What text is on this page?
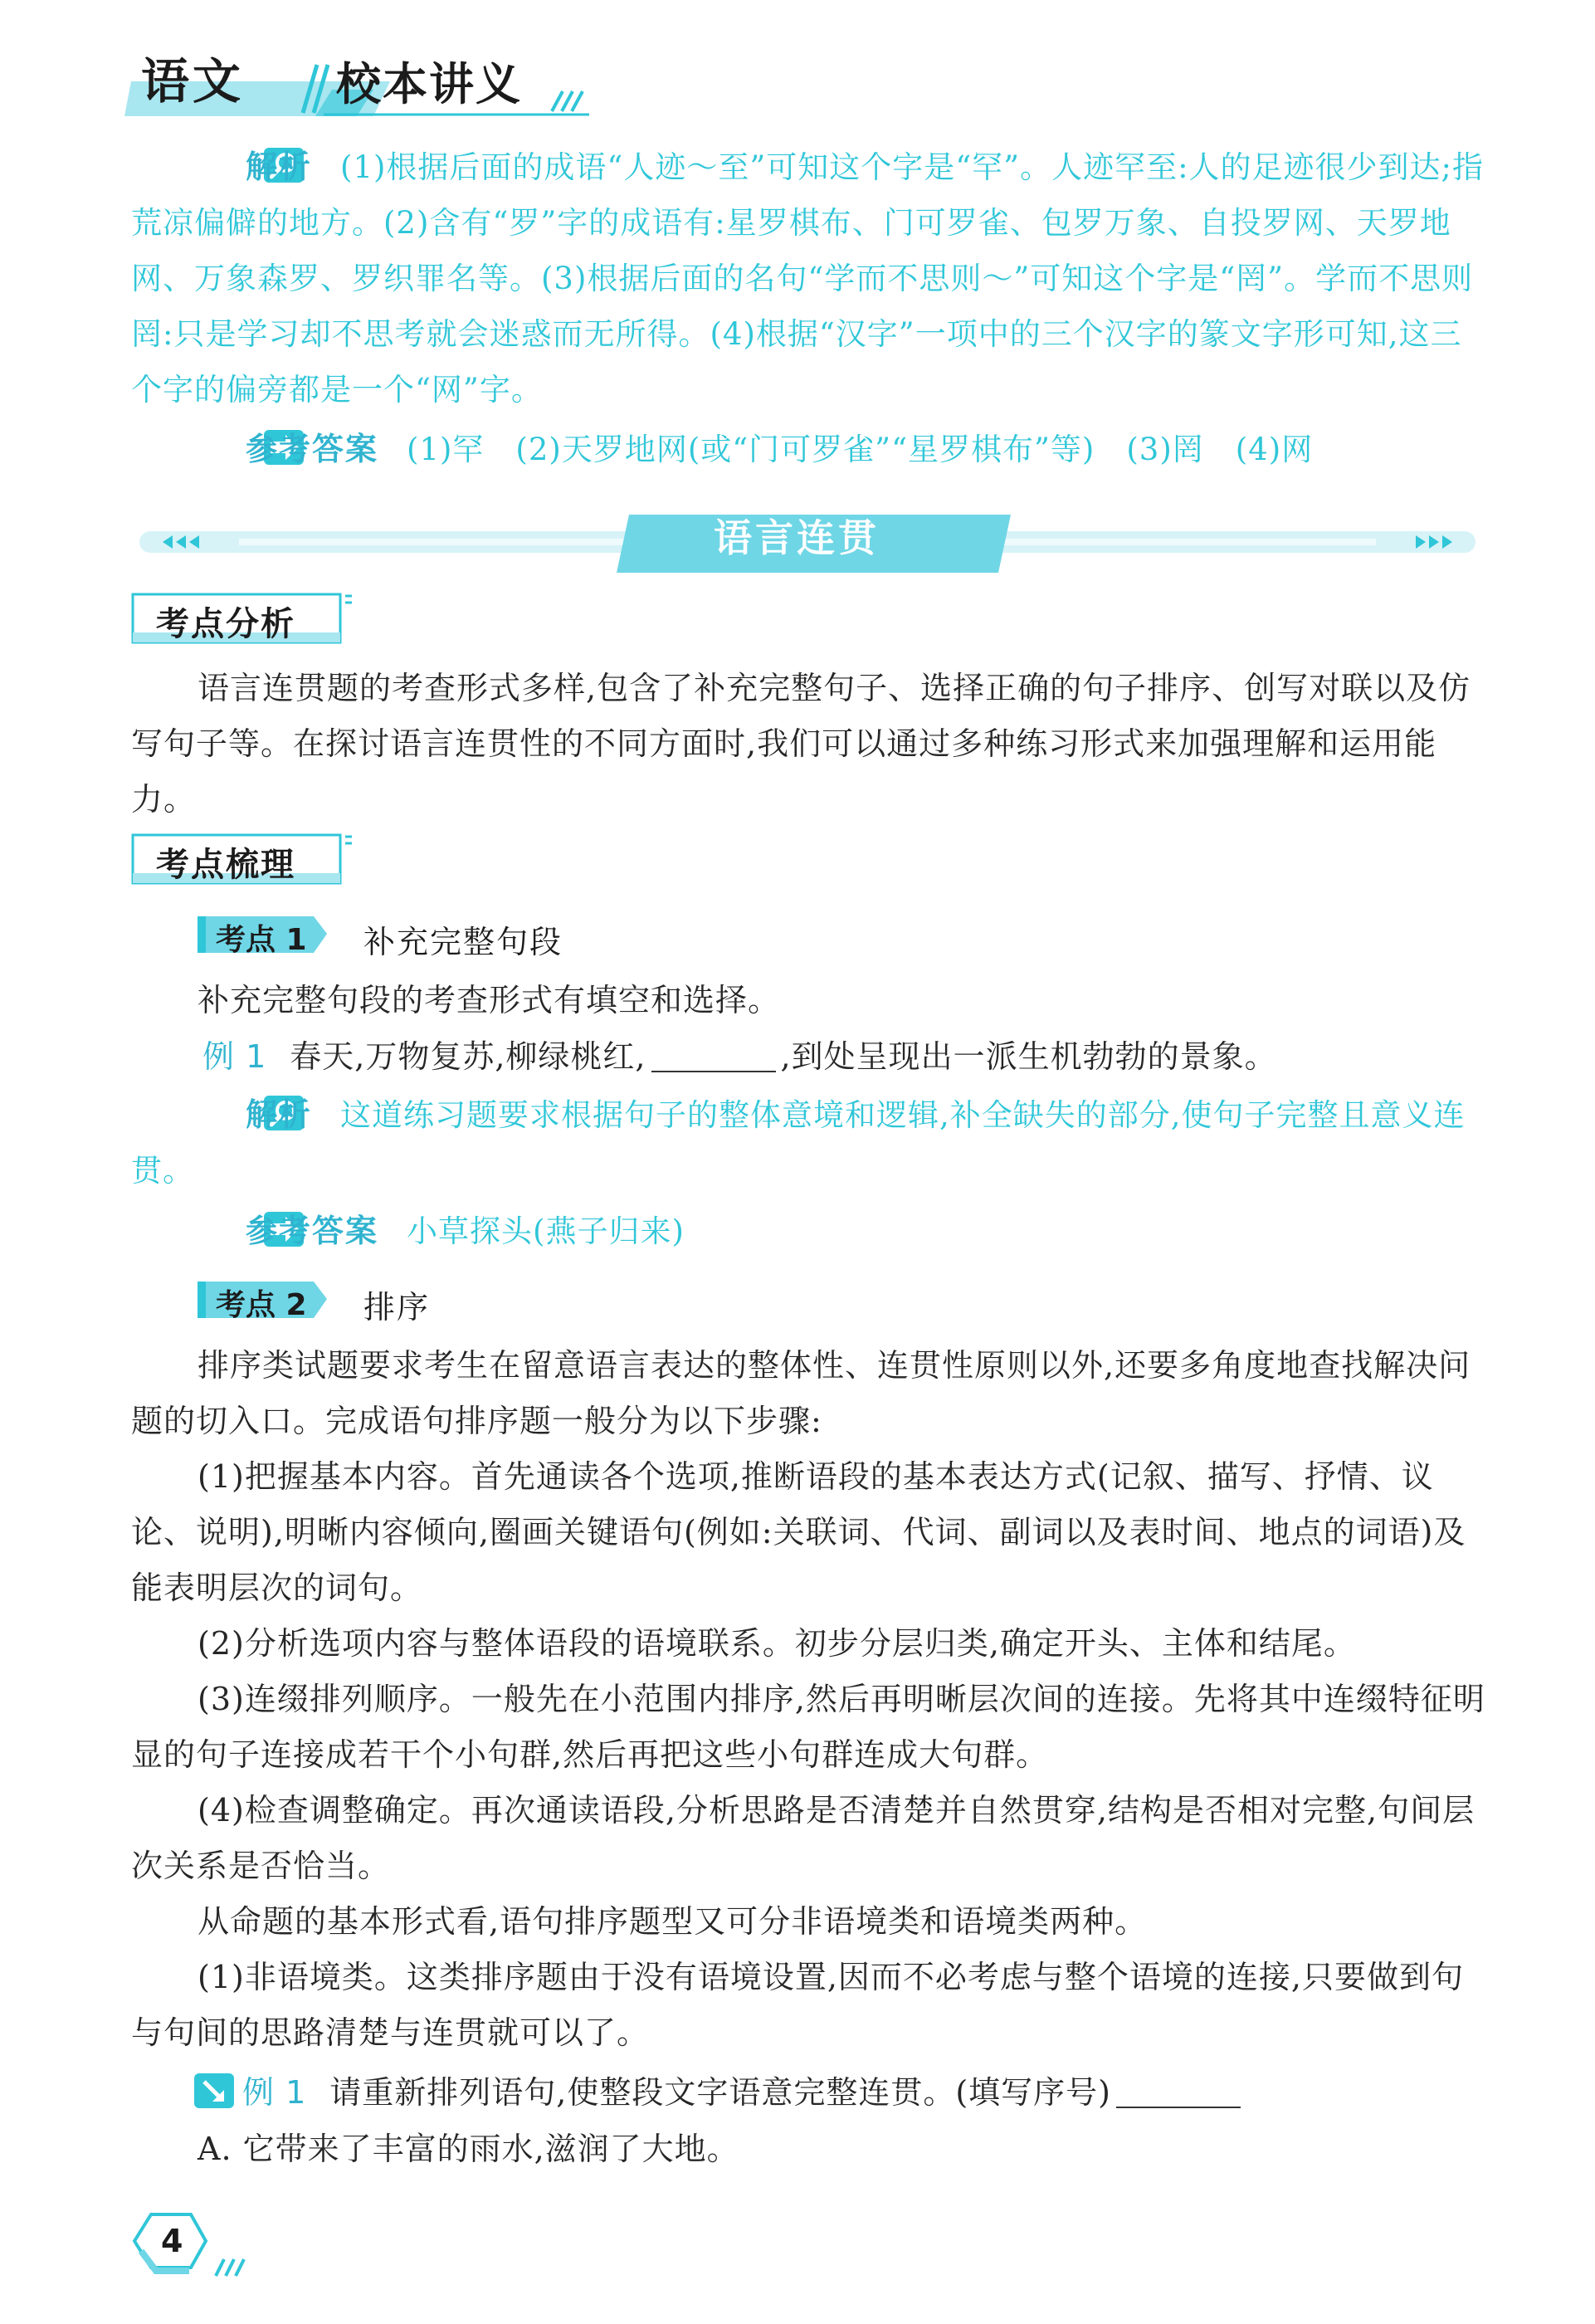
语文 校本讲义

解析 (1)根据后面的成语“人迹～至”可知这个字是“罕”。人迹罕至:人的足迹很少到达;指荒凉偏僻的地方。(2)含有“罗”字的成语有:星罗棋布、门可罗雀、包罗万象、自投罗网、天罗地网、万象森罗、罗织罪名等。(3)根据后面的名句“学而不思则～”可知这个字是“罔”。学而不思则罔:只是学习却不思考就会迷惑而无所得。(4)根据“汉字”一项中的三个汉字的篆文字形可知,这三个字的偏旁都是一个“网”字。

参考答案 (1)罕　(2)天罗地网(或“门可罗雀”“星罗棋布”等)　(3)罔　(4)网

语言连贯
考点分析

语言连贯题的考查形式多样,包含了补充完整句子、选择正确的句子排序、创写对联以及仿写句子等。在探讨语言连贯性的不同方面时,我们可以通过多种练习形式来加强理解和运用能力。

考点梳理
考点 1 补充完整句段

补充完整句段的考查形式有填空和选择。

例 1 春天,万物复苏,柳绿桃红,	,到处呈现出一派生机勃勃的景象。

解析 这道练习题要求根据句子的整体意境和逻辑,补全缺失的部分,使句子完整且意义连贯。

参考答案 小草探头(燕子归来)

考点 2 排序

排序类试题要求考生在留意语言表达的整体性、连贯性原则以外,还要多角度地查找解决问题的切入口。完成语句排序题一般分为以下步骤:

(1)把握基本内容。首先通读各个选项,推断语段的基本表达方式(记叙、描写、抒情、议论、说明),明晰内容倾向,圈画关键语句(例如:关联词、代词、副词以及表时间、地点的词语)及能表明层次的词句。

(2)分析选项内容与整体语段的语境联系。初步分层归类,确定开头、主体和结尾。

(3)连缀排列顺序。一般先在小范围内排序,然后再明晰层次间的连接。先将其中连缀特征明显的句子连接成若干个小句群,然后再把这些小句群连成大句群。

(4)检查调整确定。再次通读语段,分析思路是否清楚并自然贯穿,结构是否相对完整,句间层次关系是否恰当。

从命题的基本形式看,语句排序题型又可分非语境类和语境类两种。

(1)非语境类。这类排序题由于没有语境设置,因而不必考虑与整个语境的连接,只要做到句与句间的思路清楚与连贯就可以了。

例 1 请重新排列语句,使整段文字语意完整连贯。(填写序号)

A. 它带来了丰富的雨水,滋润了大地。

4
